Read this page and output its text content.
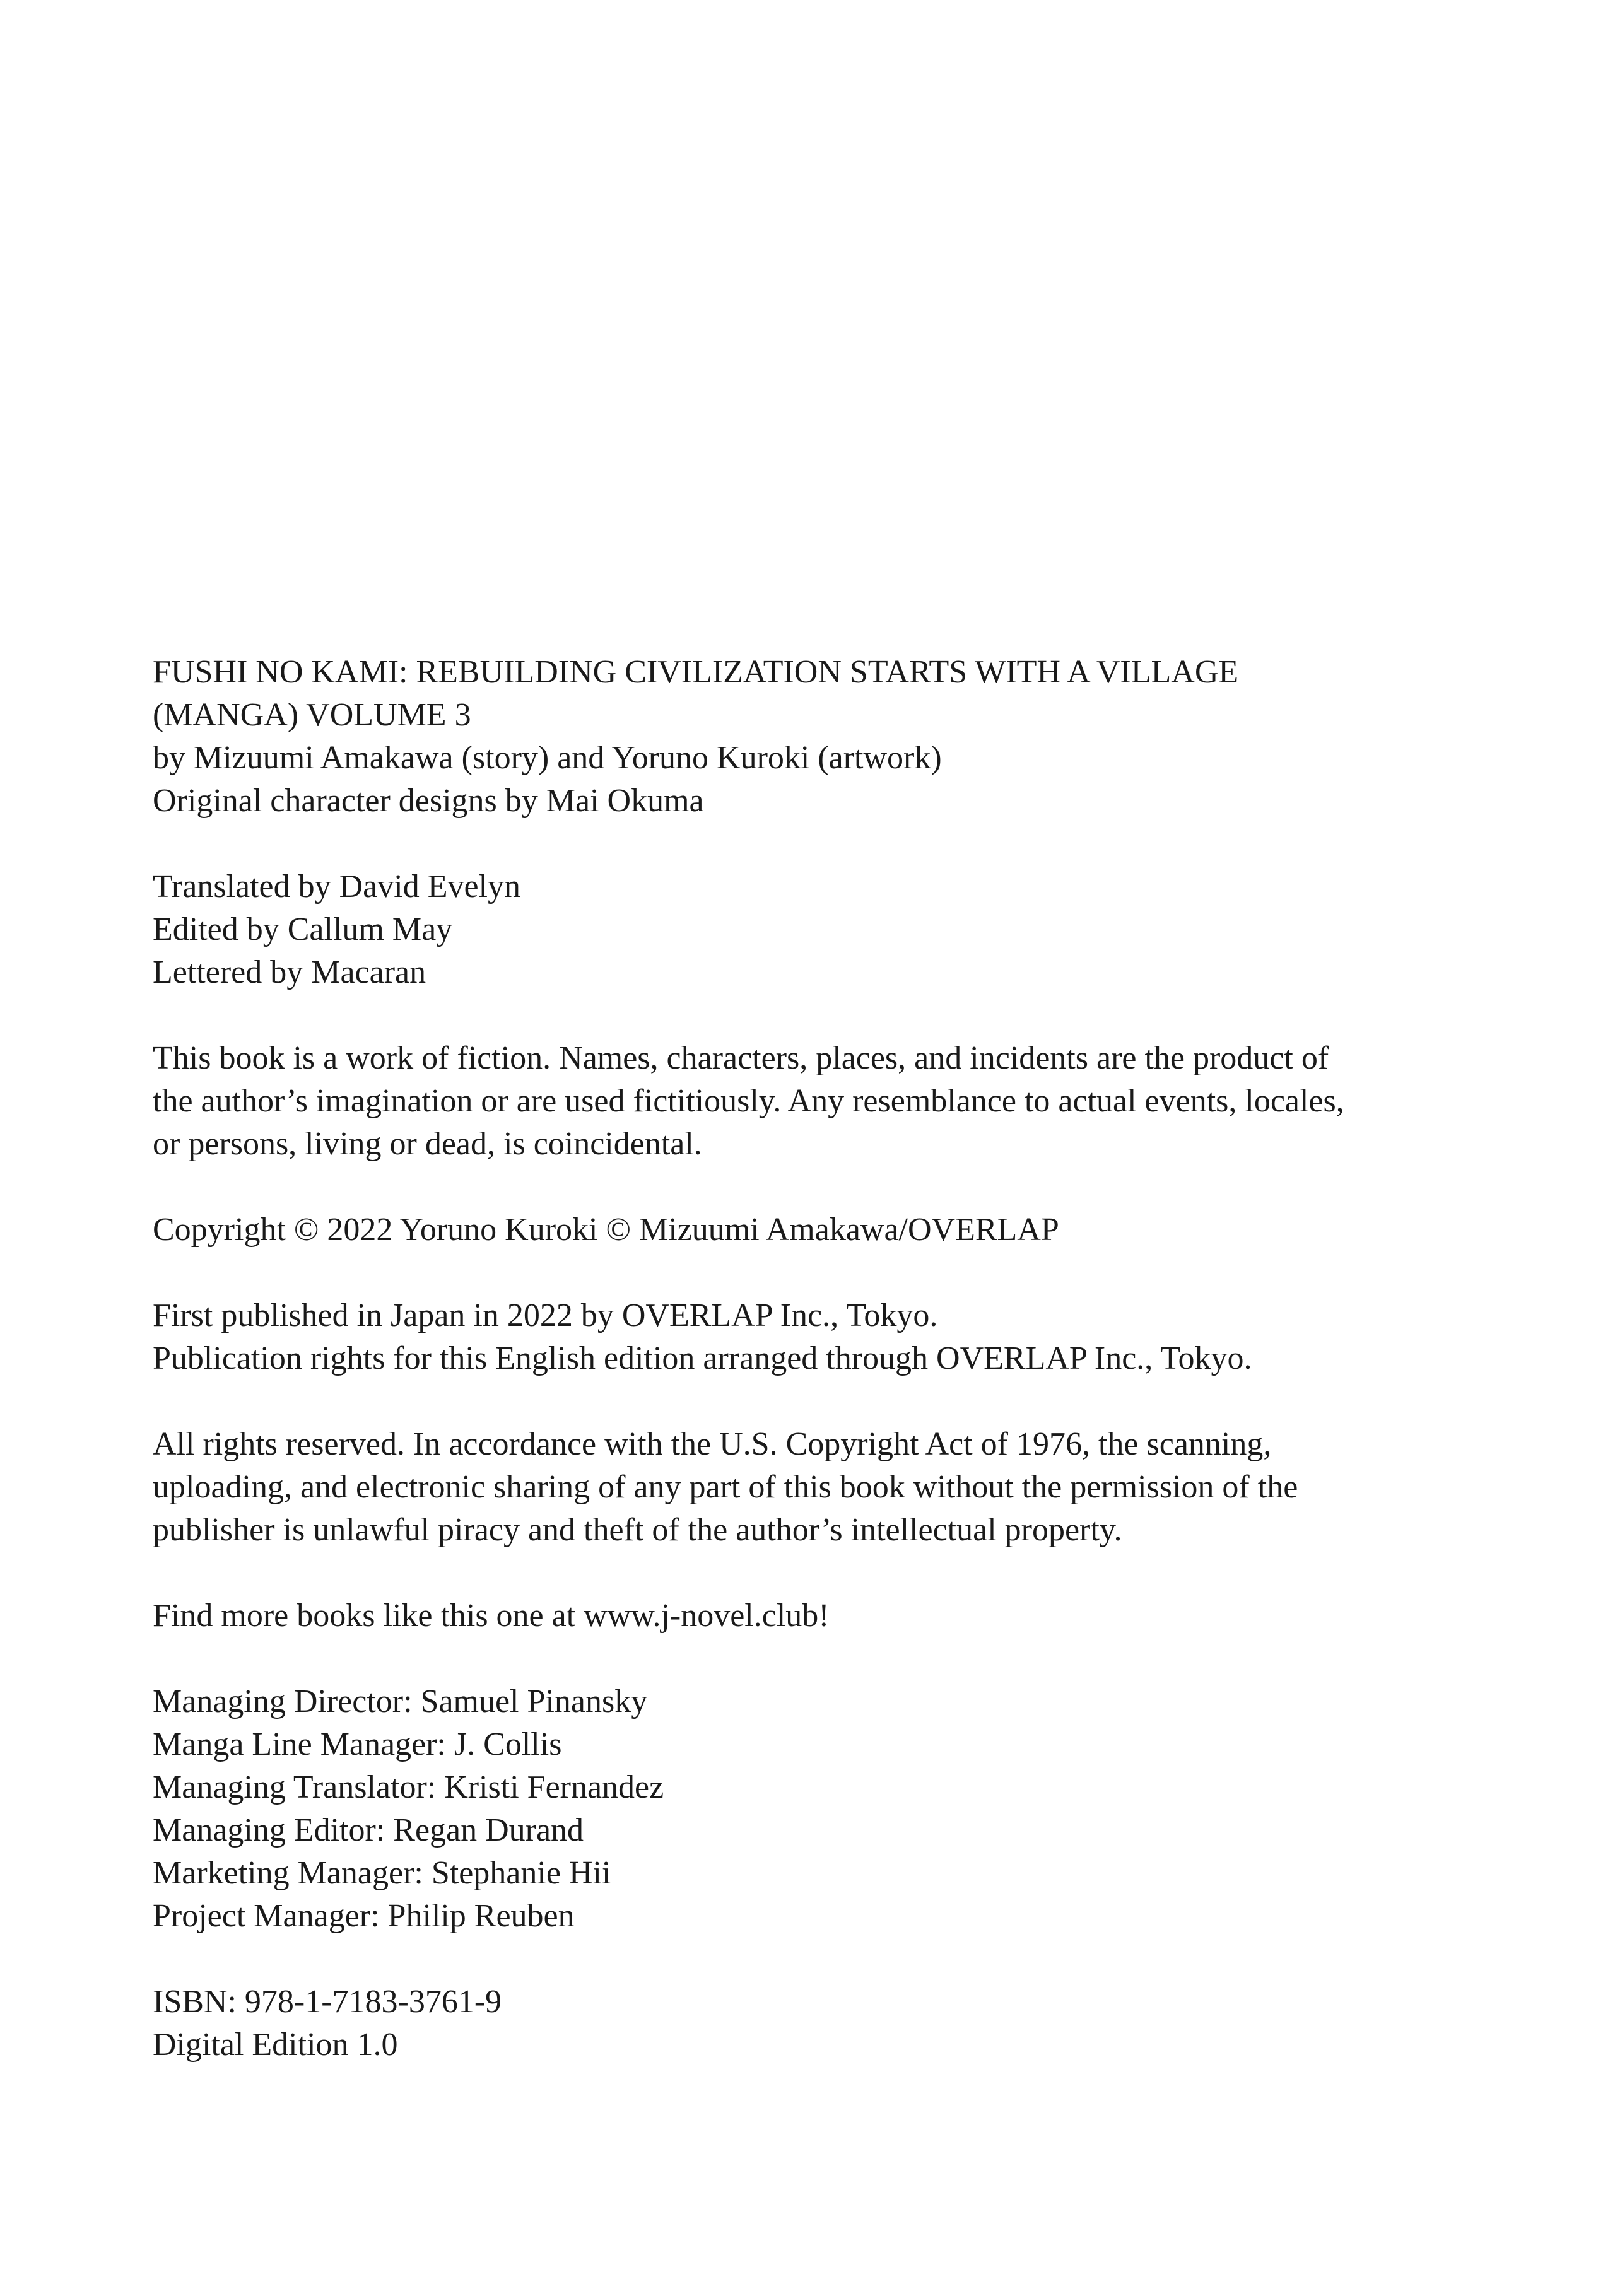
FUSHI NO KAMI: REBUILDING CIVILIZATION STARTS WITH A VILLAGE
(MANGA) VOLUME 3
by Mizuumi Amakawa (story) and Yoruno Kuroki (artwork)
Original character designs by Mai Okuma
Translated by David Evelyn
Edited by Callum May
Lettered by Macaran
This book is a work of fiction. Names, characters, places, and incidents are the product of
the author’s imagination or are used fictitiously. Any resemblance to actual events, locales,
or persons, living or dead, is coincidental.
Copyright © 2022 Yoruno Kuroki © Mizuumi Amakawa/OVERLAP
First published in Japan in 2022 by OVERLAP Inc., Tokyo.
Publication rights for this English edition arranged through OVERLAP Inc., Tokyo.
All rights reserved. In accordance with the U.S. Copyright Act of 1976, the scanning,
uploading, and electronic sharing of any part of this book without the permission of the
publisher is unlawful piracy and theft of the author’s intellectual property.
Find more books like this one at www.j-novel.club!
Managing Director: Samuel Pinansky
Manga Line Manager: J. Collis
Managing Translator: Kristi Fernandez
Managing Editor: Regan Durand
Marketing Manager: Stephanie Hii
Project Manager: Philip Reuben
ISBN: 978-1-7183-3761-9
Digital Edition 1.0
